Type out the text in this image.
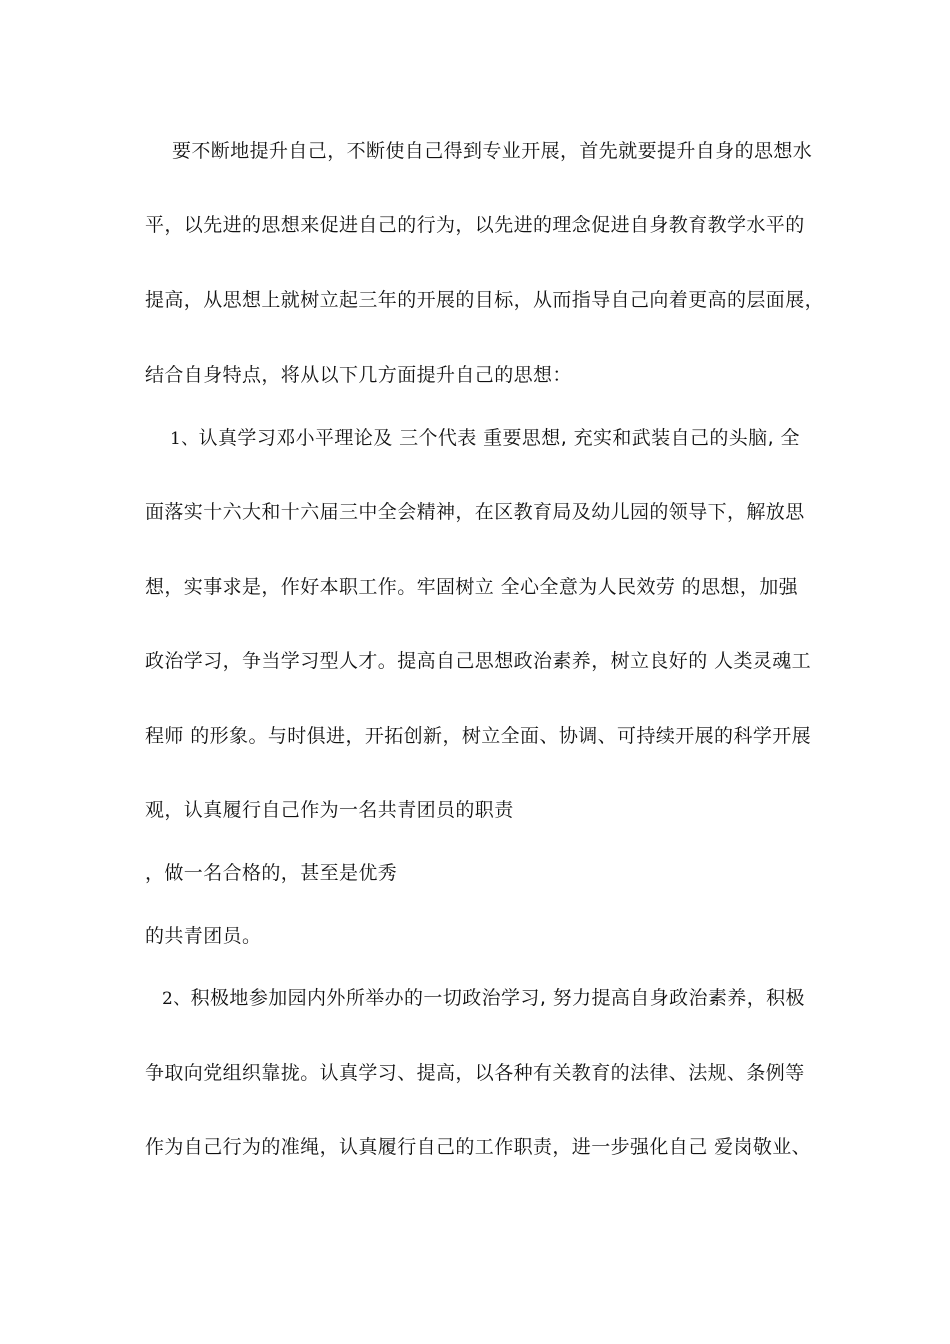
要不断地提升自己，不断使自己得到专业开展，首先就要提升自身的思想水
平，以先进的思想来促进自己的行为，以先进的理念促进自身教育教学水平的
提高，从思想上就树立起三年的开展的目标，从而指导自己向着更高的层面展，
结合自身特点，将从以下几方面提升自己的思想：
1、认真学习邓小平理论及 三个代表 重要思想, 充实和武装自己的头脑, 全
面落实十六大和十六届三中全会精神，在区教育局及幼儿园的领导下，解放思
想，实事求是，作好本职工作。牢固树立 全心全意为人民效劳 的思想，加强
政治学习，争当学习型人才。提高自己思想政治素养，树立良好的 人类灵魂工
程师 的形象。与时俱进，开拓创新，树立全面、协调、可持续开展的科学开展
观，认真履行自己作为一名共青团员的职责
，做一名合格的，甚至是优秀
的共青团员。
2、积极地参加园内外所举办的一切政治学习, 努力提高自身政治素养，积极
争取向党组织靠拢。认真学习、提高，以各种有关教育的法律、法规、条例等
作为自己行为的准绳，认真履行自己的工作职责，进一步强化自己 爱岗敬业、
